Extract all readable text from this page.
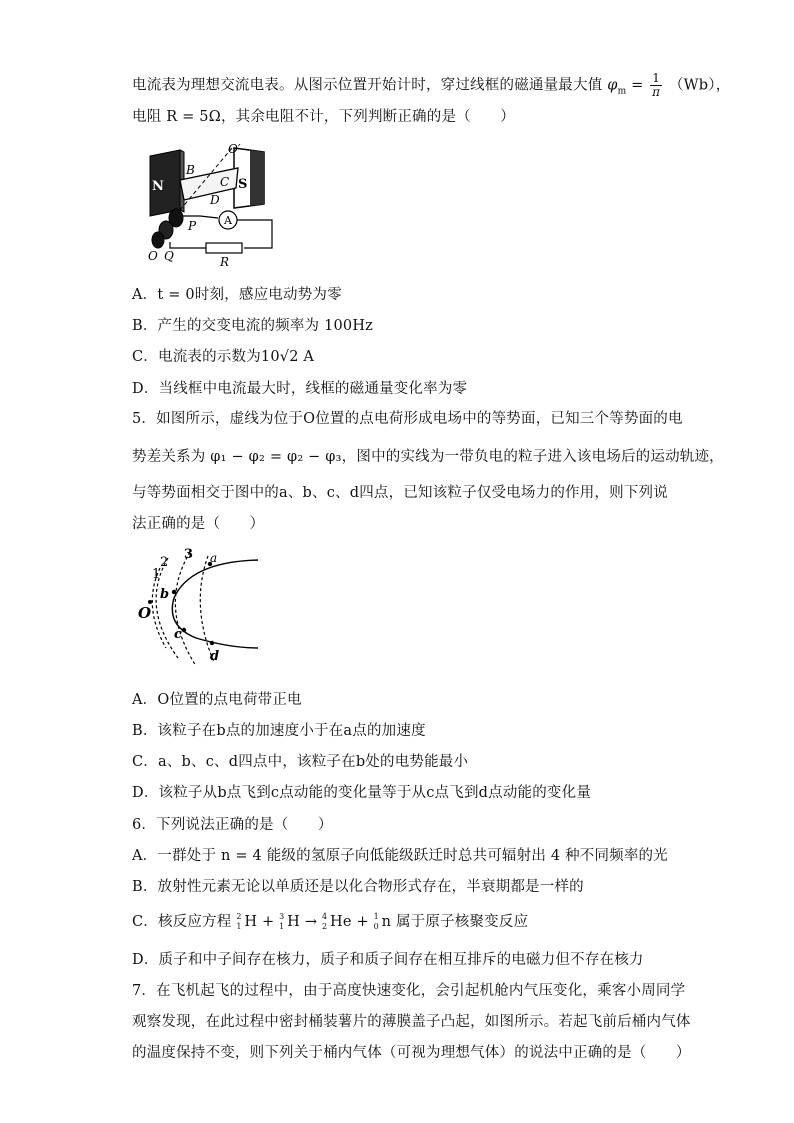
电流表为理想交流电表。从图示位置开始计时，穿过线框的磁通量最大值 $\varphi_m = \frac{1}{\pi} (Wb)$，
电阻 R = 5Ω，其余电阻不计，下列判断正确的是（　　）
N	S
B
C
D
O′
P
O Q
A
R
A．t = 0时刻，感应电动势为零
B．产生的交变电流的频率为 100Hz
C．电流表的示数为10√2 A
D．当线框中电流最大时，线框的磁通量变化率为零
5．如图所示，虚线为位于O位置的点电荷形成电场中的等势面，已知三个等势面的电
势差关系为 φ₁ − φ₂ = φ₂ − φ₃，图中的实线为一带负电的粒子进入该电场后的运动轨迹，
与等势面相交于图中的a、b、c、d四点，已知该粒子仅受电场力的作用，则下列说
法正确的是（　　）
1
2
3 a
b
c
d
O
A．O位置的点电荷带正电
B．该粒子在b点的加速度小于在a点的加速度
C．a、b、c、d四点中，该粒子在b处的电势能最小
D．该粒子从b点飞到c点动能的变化量等于从c点飞到d点动能的变化量
6．下列说法正确的是（　　）
A．一群处于 n = 4 能级的氢原子向低能级跃迁时总共可辐射出 4 种不同频率的光
B．放射性元素无论以单质还是以化合物形式存在，半衰期都是一样的
C．核反应方程 2
1 H + 3
1 H → 4
2 He + 1
0 n 属于原子核聚变反应
D．质子和中子间存在核力，质子和质子间存在相互排斥的电磁力但不存在核力
7．在飞机起飞的过程中，由于高度快速变化，会引起机舱内气压变化，乘客小周同学
观察发现，在此过程中密封桶装薯片的薄膜盖子凸起，如图所示。若起飞前后桶内气体
的温度保持不变，则下列关于桶内气体（可视为理想气体）的说法中正确的是（　　）
